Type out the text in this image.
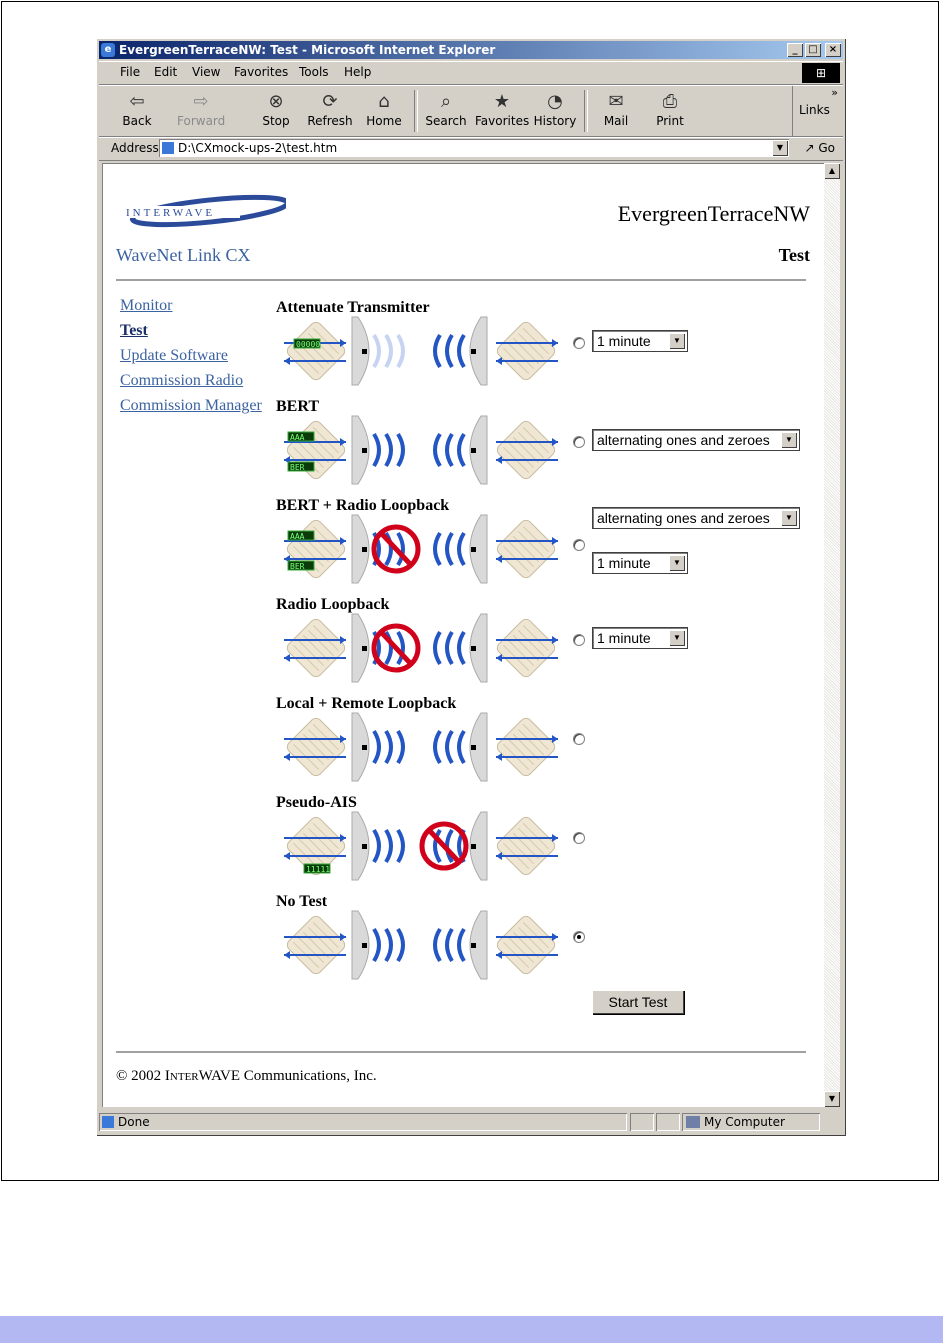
e EvergreenTerraceNW: Test - Microsoft Internet Explorer	_	□	×
File Edit View Favorites Tools Help	⊞
⇦
Back
⇨
Forward
⊗
Stop
⟳
Refresh
⌂
Home
⌕
Search
★
Favorites
◔
History
✉
Mail
⎙
Print
Links
»
Address	D:\CXmock-ups-2\test.htm	▼	↗ Go
INTERWAVE	EvergreenTerraceNW
WaveNet Link CX	Test
Monitor
Test
Update Software
Commission Radio
Commission Manager
Attenuate Transmitter
00000	1 minute	▼
BERT
AAA
BER
alternating ones and zeroes	▼
BERT + Radio Loopback
AAA
BER
alternating ones and zeroes	▼
1 minute	▼
Radio Loopback
1 minute	▼
Local + Remote Loopback
Pseudo-AIS
11111
No Test
Start Test
© 2002 InterWAVE Communications, Inc.
▲
▼
Done	My Computer
